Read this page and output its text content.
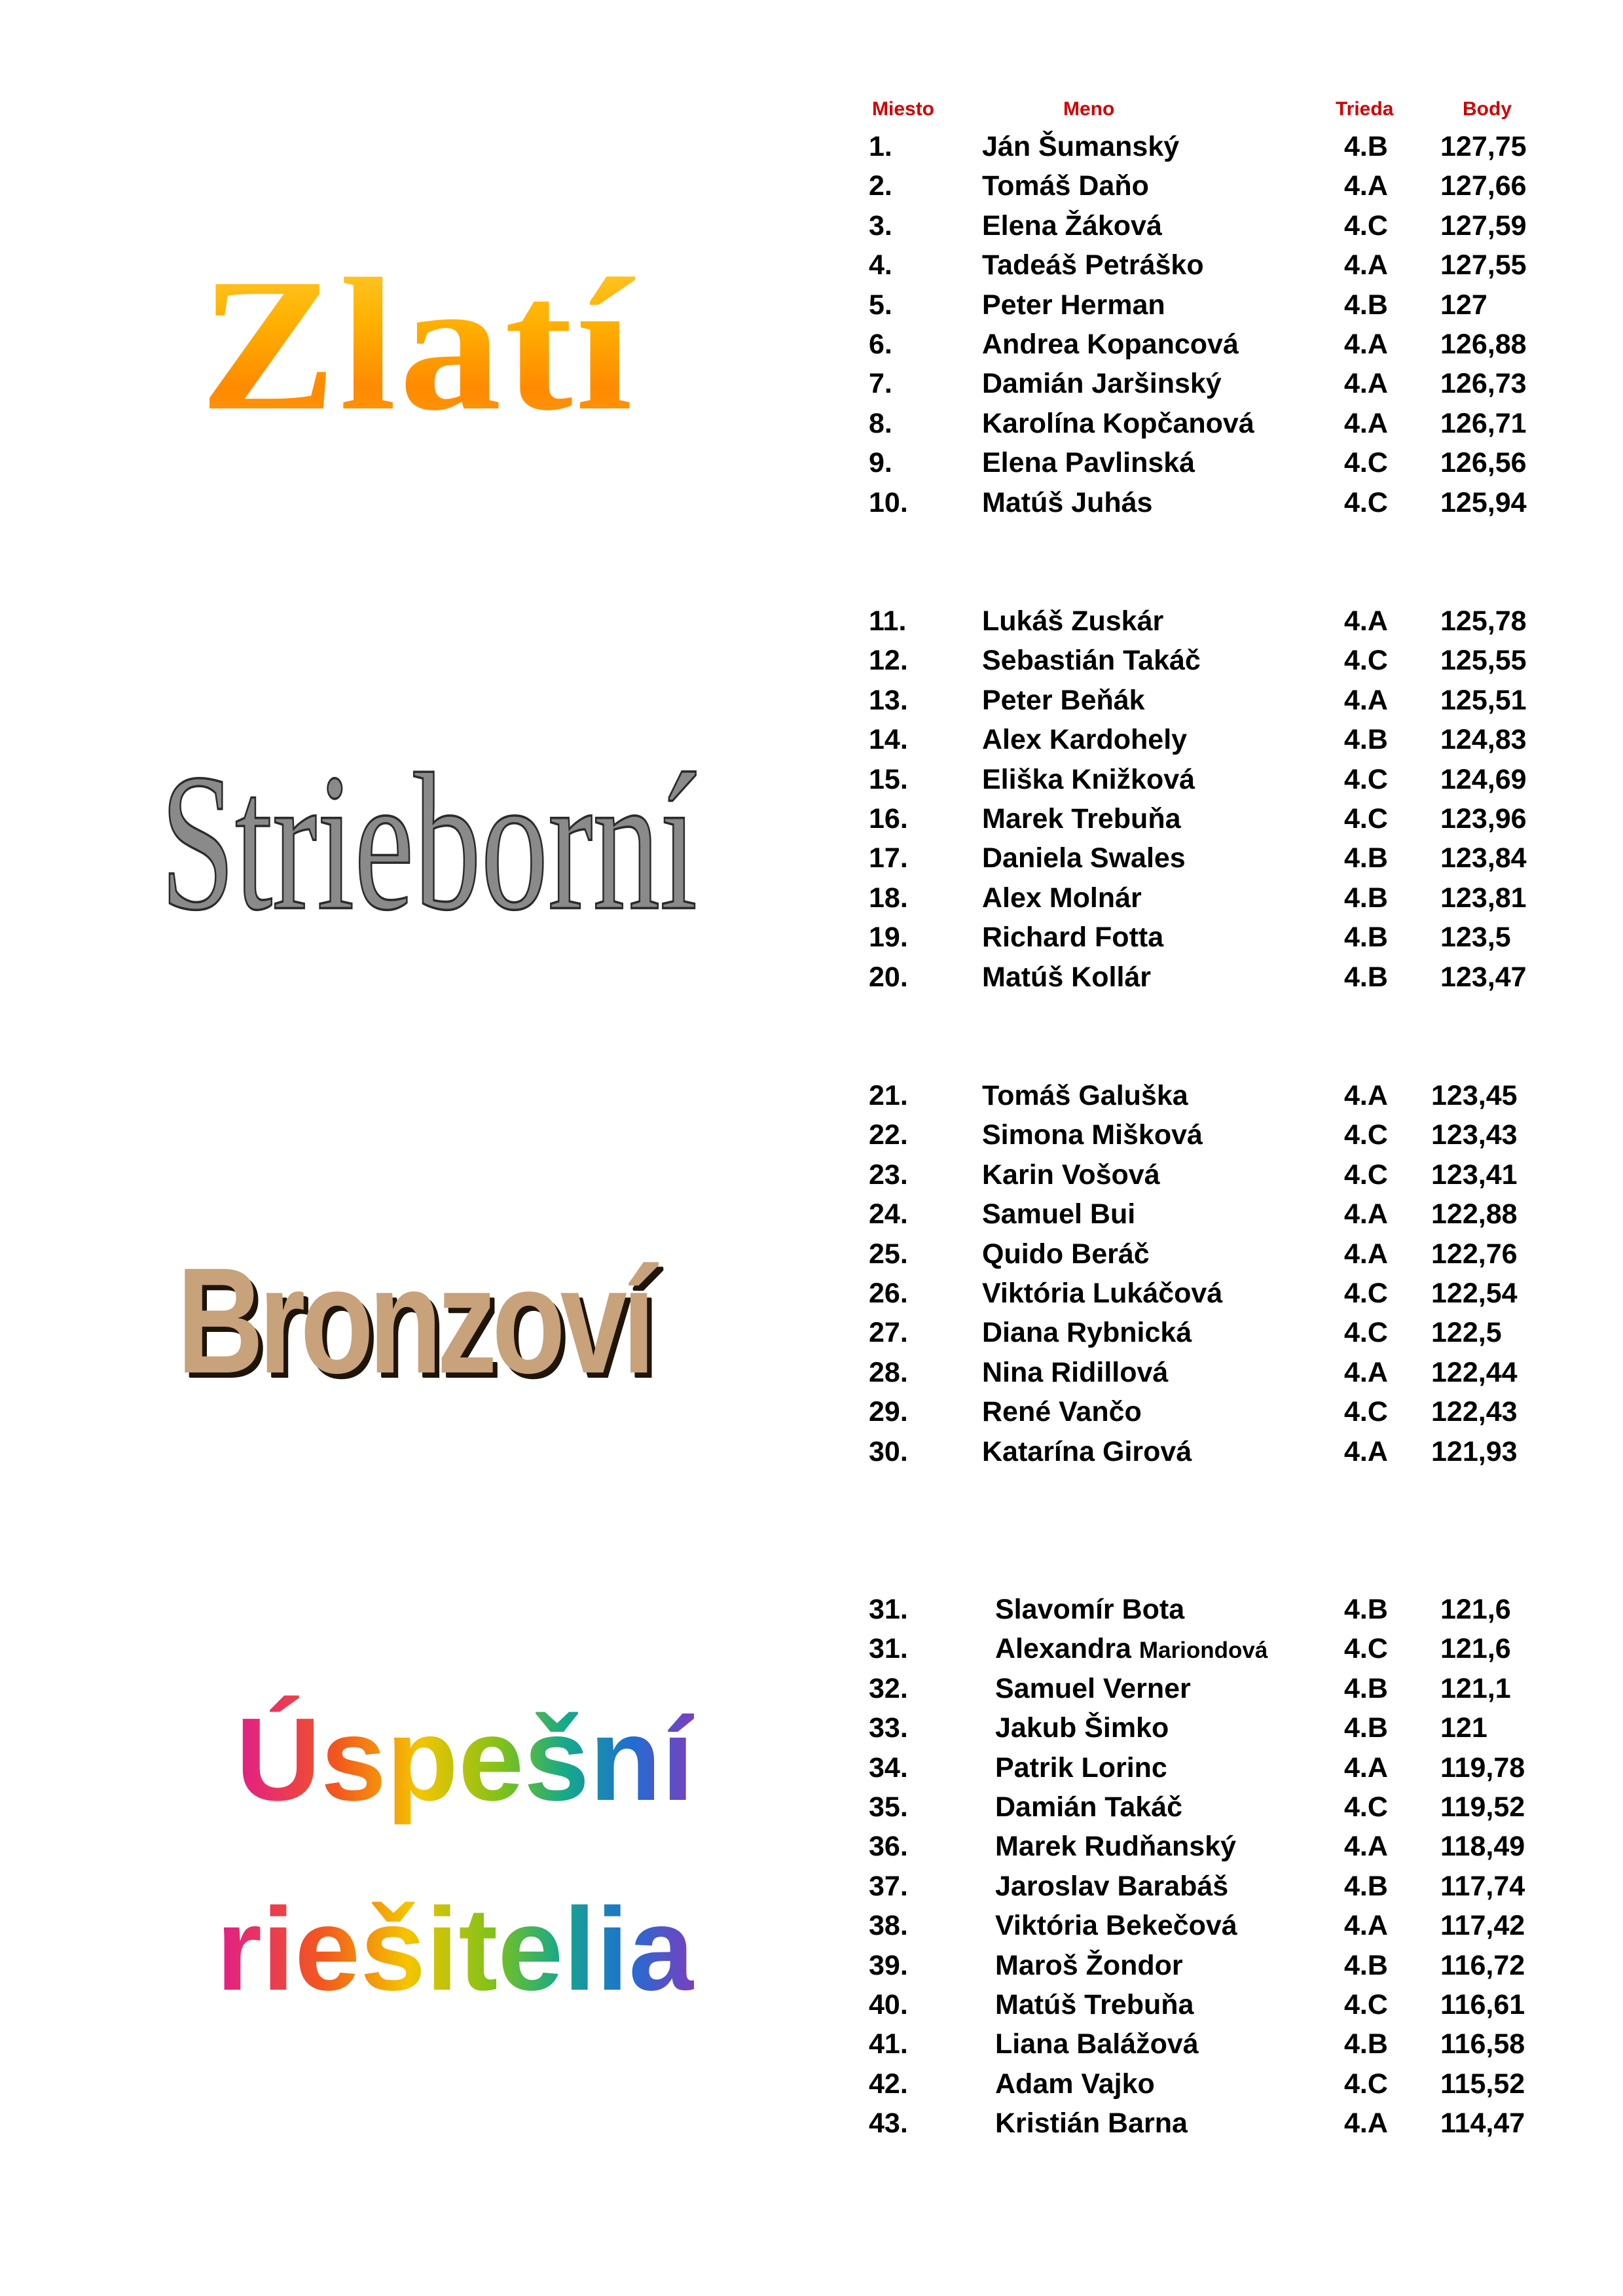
Miesto	Meno	Trieda	Body
Zlatí
Strieborní
Bronzoví
Úspešní
riešitelia
1.	Ján Šumanský	4.B 127,75
2.	Tomáš Daňo	4.A 127,66
3.	Elena Žáková	4.C 127,59
4.	Tadeáš Petráško	4.A 127,55
5.	Peter Herman	4.B 127
6.	Andrea Kopancová	4.A 126,88
7.	Damián Jaršinský	4.A 126,73
8.	Karolína Kopčanová	4.A 126,71
9.	Elena Pavlinská	4.C 126,56
10.	Matúš Juhás	4.C 125,94
11.	Lukáš Zuskár	4.A 125,78
12.	Sebastián Takáč	4.C 125,55
13.	Peter Beňák	4.A 125,51
14.	Alex Kardohely	4.B 124,83
15.	Eliška Knižková	4.C 124,69
16.	Marek Trebuňa	4.C 123,96
17.	Daniela Swales	4.B 123,84
18.	Alex Molnár	4.B 123,81
19.	Richard Fotta	4.B 123,5
20.	Matúš Kollár	4.B 123,47
21.	Tomáš Galuška	4.A 123,45
22.	Simona Mišková	4.C 123,43
23.	Karin Vošová	4.C 123,41
24.	Samuel Bui	4.A 122,88
25.	Quido Beráč	4.A 122,76
26.	Viktória Lukáčová	4.C 122,54
27.	Diana Rybnická	4.C 122,5
28.	Nina Ridillová	4.A 122,44
29.	René Vančo	4.C 122,43
30.	Katarína Girová	4.A 121,93
31.	Slavomír Bota	4.B 121,6
31.	Alexandra Mariondová	4.C 121,6
32.	Samuel Verner	4.B 121,1
33.	Jakub Šimko	4.B 121
34.	Patrik Lorinc	4.A 119,78
35.	Damián Takáč	4.C 119,52
36.	Marek Rudňanský	4.A 118,49
37.	Jaroslav Barabáš	4.B 117,74
38.	Viktória Bekečová	4.A 117,42
39.	Maroš Žondor	4.B 116,72
40.	Matúš Trebuňa	4.C 116,61
41.	Liana Balážová	4.B 116,58
42.	Adam Vajko	4.C 115,52
43.	Kristián Barna	4.A 114,47
